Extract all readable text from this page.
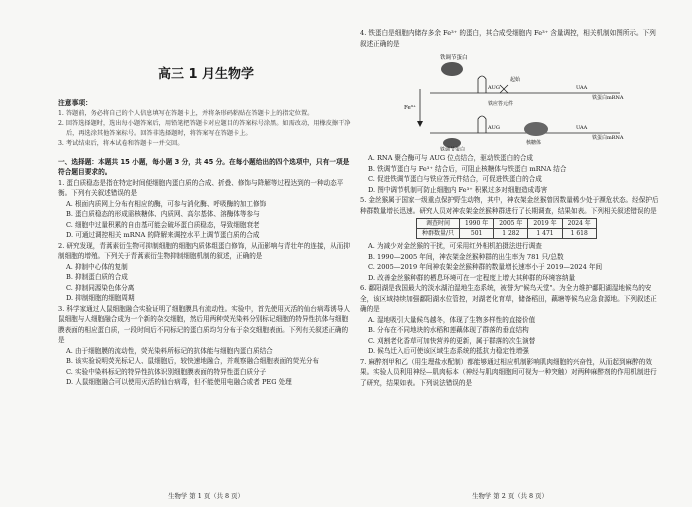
高三 1 月生物学
注意事项：

1. 答题前，务必将自己的个人信息填写在答题卡上，并将条形码粘贴在答题卡上的指定位置。

2. 回答选择题时，选出每小题答案后，用铅笔把答题卡对应题目的答案标号涂黑。如需改动，用橡皮擦干净后，再选涂其他答案标号。回答非选择题时，将答案写在答题卡上。

3. 考试结束后，将本试卷和答题卡一并交回。

一、选择题：本题共 15 小题，每小题 3 分，共 45 分。在每小题给出的四个选项中，只有一项是符合题目要求的。

1. 蛋白质稳态是指在特定时间便细胞内蛋白质的合成、折叠、修饰与降解等过程达到的一种动态平衡。下列有关叙述错误的是

A. 根面内质网上分布有相应的酶，可参与消化酶、呼吸酶的加工修饰

B. 蛋白质稳态的形成需核糖体、内质网、高尔基体、溶酶体等参与

C. 细胞中过量积累的自由基可能会破坏蛋白质稳态，导致细胞衰老

D. 可通过调控相关 mRNA 的降解来调控水平上调节蛋白质的合成

2. 研究发现，青蒿素衍生物可抑制细胞的细胞内质体组蛋白修饰，从而影响与青壮年的连接，从而抑制细胞的增殖。下列关于青蒿素衍生物抑制细胞机制的叙述，正确的是

A. 抑制中心体的复制

B. 抑制蛋白质的合成

C. 抑制同源染色体分离

D. 抑制细胞的细胞周期

3. 科学家通过人鼠细胞融合实验证明了细胞膜具有流动性。实验中，首先使用灭活的仙台病毒诱导人鼠细胞与人细胞融合成为一个新的杂交细胞，然后用两种荧光染料分别标记细胞的特异性抗体与细胞膜表面的相应蛋白质，一段时间后不同标记的蛋白质均匀分布于杂交细胞表面。下列有关叙述正确的是

A. 由于细胞膜的流动性，荧光染料所标记的抗体能与细胞内蛋白质结合

B. 该实验说明荧光标记人、鼠细胞后，较快速地融合，并观察融合细胞表面的荧光分布

C. 实验中染料标记的特异性抗体识别细胞膜表面的特异性蛋白质分子

D. 人鼠细胞融合可以使用灭活的仙台病毒，但不能使用电融合或者 PEG 处理

生物学 第 1 页（共 8 页）

4. 铁蛋白是细胞内储存多余 Fe³⁺ 的蛋白，其合成受细胞内 Fe³⁺ 含量调控，相关机制如图所示。下列叙述正确的是

铁调节蛋白
Fe³⁺
AUG	UAA
铁蛋白mRNA
铁应答元件
起始
AUG	UAA
铁蛋白mRNA
核糖体
铁调节蛋白

A. RNA 聚合酶可与 AUG 位点结合，驱动铁蛋白的合成

B. 铁调节蛋白与 Fe³⁺ 结合后，可阻止核糖体与铁蛋白 mRNA 结合

C. 促进铁调节蛋白与铁应答元件结合，可促进铁蛋白的合成

D. 图中调节机制可防止细胞内 Fe³⁺ 积累过多对细胞造成毒害

5. 金丝猴属于国家一级重点保护野生动物，其中，神农架金丝猴曾因数量稀少处于濒危状态。经保护后种群数量增长迅速。研究人员对神农架金丝猴种群进行了长期调查，结果如表。下列相关叙述错误的是

调查时间	1990 年	2005 年	2019 年	2024 年
种群数量/只	501	1 282	1 471	1 618

A. 为减少对金丝猴的干扰，可采用红外相机拍摄法进行调查

B. 1990—2005 年间，神农架金丝猴种群的出生率为 781 只/总数

C. 2005—2019 年间神农架金丝猴种群的数量增长速率小于 2019—2024 年间

D. 改善金丝猴种群的栖息环境可在一定程度上增大其种群的环境容纳量

6. 鄱阳湖是我国最大的淡水湖泊湿地生态系统，被誉为"候鸟天堂"。为全力维护鄱阳湖湿地候鸟的安全，该区域持续加强鄱阳湖水位管控，对湖老化育草，储备稻田，藕塘等候鸟应急食源地。下列叙述正确的是

A. 湿地吸引大量候鸟越冬，体现了生物多样性的直接价值

B. 分布在不同地块的水稻和莲藕体现了群落的垂直结构

C. 刈割老化香草可加快营养的更新，属于群落的次生演替

D. 候鸟迁入后可使该区域生态系统的抵抗力稳定性增强

7. 麻醉剂甲和乙（用生理盐水配制）都能够通过相应机制影响肌肉细胞的兴奋性，从而起到麻醉的效果。实验人员利用神经—肌肉标本（神经与肌肉细胞间可视为一种突触）对两种麻醉剂的作用机制进行了研究，结果如表。下列说法错误的是

生物学 第 2 页（共 8 页）
